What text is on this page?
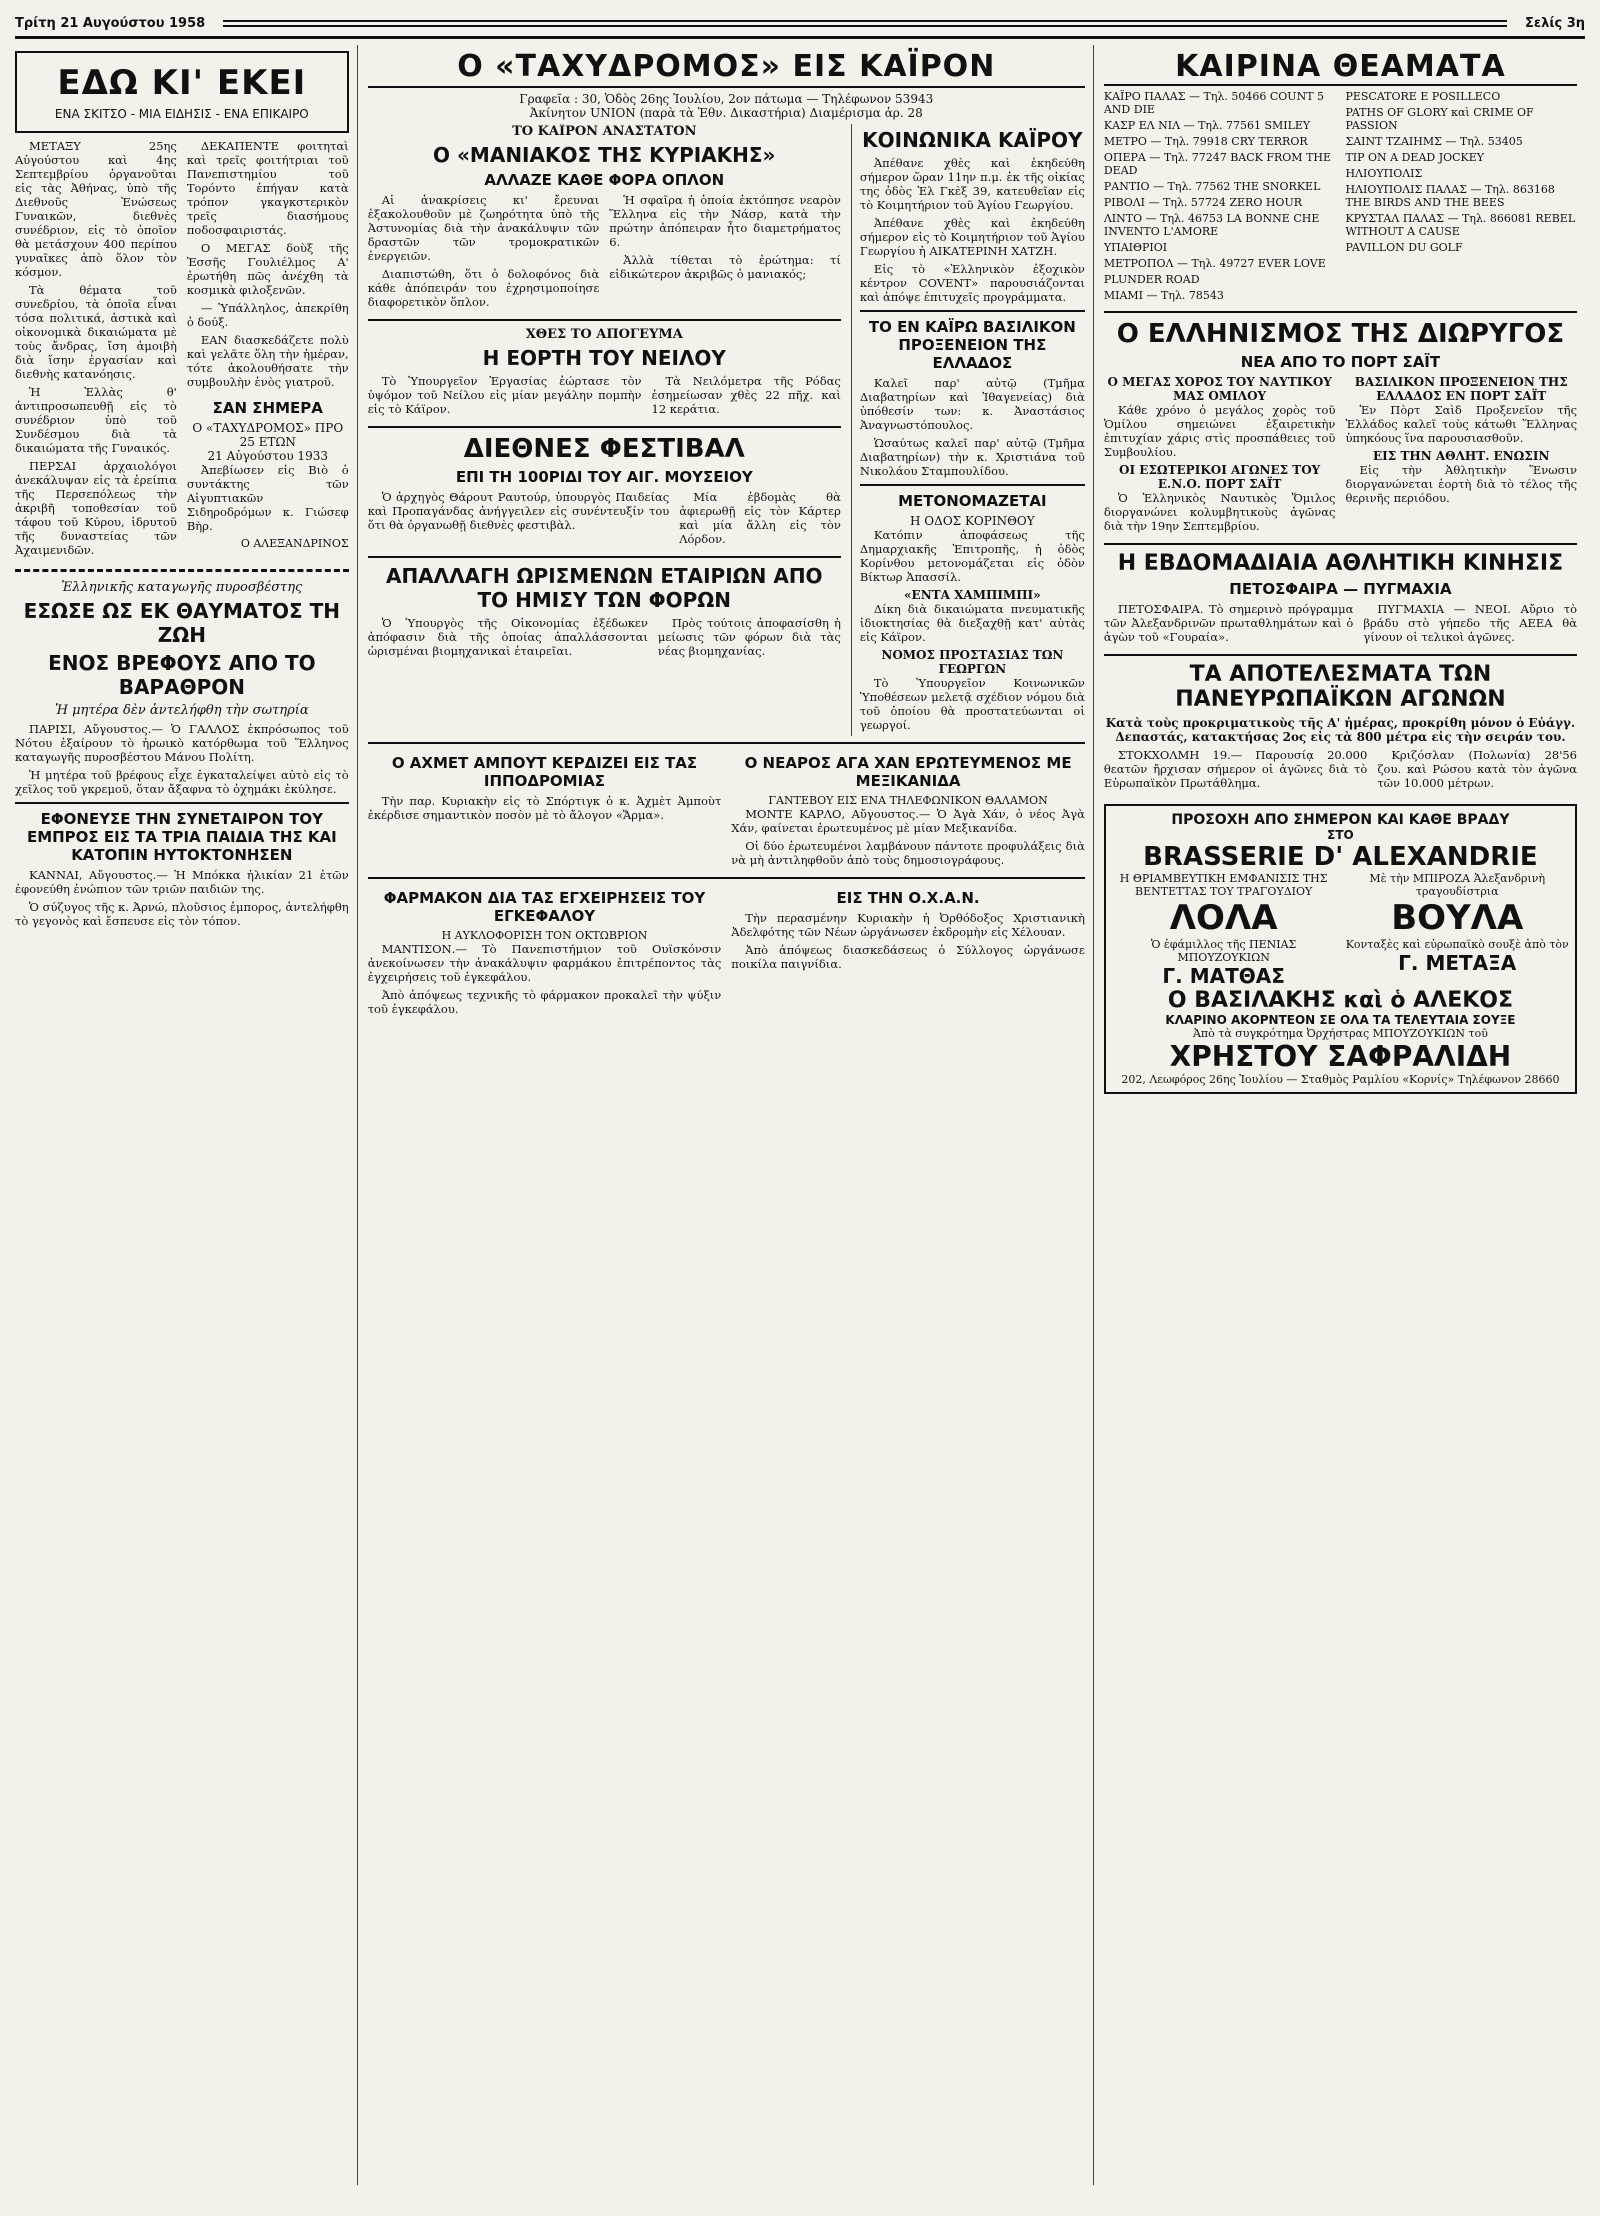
Τρίτη 21 Αυγούστου 1958	Σελίς 3η
ΕΔΩ ΚΙ' ΕΚΕΙ
ΕΝΑ ΣΚΙΤΣΟ - ΜΙΑ ΕΙΔΗΣΙΣ - ΕΝΑ ΕΠΙΚΑΙΡΟ

ΜΕΤΑΞΥ 25ης Αὐγούστου καὶ 4ης Σεπτεμβρίου ὀργανοῦται εἰς τὰς Ἀθήνας, ὑπὸ τῆς Διεθνοῦς Ἑνώσεως Γυναικῶν, διεθνὲς συνέδριον, εἰς τὸ ὁποῖον θὰ μετάσχουν 400 περίπου γυναῖκες ἀπὸ ὅλον τὸν κόσμον.

Τὰ θέματα τοῦ συνεδρίου, τὰ ὁποῖα εἶναι τόσα πολιτικά, ἀστικὰ καὶ οἰκονομικὰ δικαιώματα μὲ τοὺς ἄνδρας, ἴση ἀμοιβὴ διὰ ἴσην ἐργασίαν καὶ διεθνὴς κατανόησις.

Ἡ Ἑλλὰς θ' ἀντιπροσωπευθῇ εἰς τὸ συνέδριον ὑπὸ τοῦ Συνδέσμου διὰ τὰ δικαιώματα τῆς Γυναικός.

ΠΕΡΣΑΙ ἀρχαιολόγοι ἀνεκάλυψαν εἰς τὰ ἐρείπια τῆς Περσεπόλεως τὴν ἀκριβῆ τοποθεσίαν τοῦ τάφου τοῦ Κύρου, ἱδρυτοῦ τῆς δυναστείας τῶν Ἀχαιμενιδῶν.

ΔΕΚΑΠΕΝΤΕ φοιτηταὶ καὶ τρεῖς φοιτήτριαι τοῦ Πανεπιστημίου τοῦ Τορόντο ἐπήγαν κατὰ τρόπον γκαγκστερικὸν τρεῖς διασήμους ποδοσφαιριστάς.

Ο ΜΕΓΑΣ δοὺξ τῆς Ἐσσῆς Γουλιέλμος Α' ἐρωτήθη πῶς ἀνέχθη τὰ κοσμικὰ φιλοξενῶν.

— Ὑπάλληλος, ἀπεκρίθη ὁ δούξ.

ΕΑΝ διασκεδάζετε πολὺ καὶ γελᾶτε ὅλη τὴν ἡμέραν, τότε ἀκολουθήσατε τὴν συμβουλὴν ἑνὸς γιατροῦ.

ΣΑΝ ΣΗΜΕΡΑ
Ο «ΤΑΧΥΔΡΟΜΟΣ» ΠΡΟ 25 ΕΤΩΝ
21 Αὐγούστου 1933

Ἀπεβίωσεν εἰς Βιὸ ὁ συντάκτης τῶν Αἰγυπτιακῶν Σιδηροδρόμων κ. Γιώσεφ Βὴρ.

Ο ΑΛΕΞΑΝΔΡΙΝΟΣ
Ἑλληνικῆς καταγωγῆς πυροσβέστης
ΕΣΩΣΕ ΩΣ ΕΚ ΘΑΥΜΑΤΟΣ ΤΗ ΖΩΗ
ΕΝΟΣ ΒΡΕΦΟΥΣ ΑΠΟ ΤΟ ΒΑΡΑΘΡΟΝ
Ἡ μητέρα δὲν ἀντελήφθη τὴν σωτηρία

ΠΑΡΙΣΙ, Αὔγουστος.— Ὁ ΓΑΛΛΟΣ ἐκπρόσωπος τοῦ Νότου ἐξαίρουν τὸ ἡρωικὸ κατόρθωμα τοῦ Ἕλληνος καταγωγῆς πυροσβέστου Μάνου Πολίτη.

Ἡ μητέρα τοῦ βρέφους εἶχε ἐγκαταλείψει αὐτὸ εἰς τὸ χεῖλος τοῦ γκρεμοῦ, ὅταν ἄξαφνα τὸ ὀχημάκι ἐκύλησε.

ΕΦΟΝΕΥΣΕ ΤΗΝ ΣΥΝΕΤΑΙΡΟΝ ΤΟΥ ΕΜΠΡΟΣ ΕΙΣ ΤΑ ΤΡΙΑ ΠΑΙΔΙΑ ΤΗΣ ΚΑΙ ΚΑΤΟΠΙΝ ΗΥΤΟΚΤΟΝΗΣΕΝ

ΚΑΝΝΑΙ, Αὔγουστος.— Ἡ Μπόκκα ἠλικίαν 21 ἐτῶν ἐφονεύθη ἐνώπιον τῶν τριῶν παιδιῶν της.

Ὁ σύζυγος τῆς κ. Ἀρνώ, πλοῦσιος ἐμπορος, ἀντελήφθη τὸ γεγονὸς καὶ ἔσπευσε εἰς τὸν τόπον.

Ο «ΤΑΧΥΔΡΟΜΟΣ» ΕΙΣ ΚΑΪΡΟΝ
Γραφεῖα : 30, Ὁδὸς 26ης Ἰουλίου, 2ον πάτωμα — Τηλέφωνον 53943
Ἀκίνητον UNION (παρὰ τὰ Ἐθν. Δικαστήρια) Διαμέρισμα ἀρ. 28
ΤΟ ΚΑΪΡΟΝ ΑΝΑΣΤΑΤΟΝ
Ο «ΜΑΝΙΑΚΟΣ ΤΗΣ ΚΥΡΙΑΚΗΣ»
ΑΛΛΑΖΕ ΚΑΘΕ ΦΟΡΑ ΟΠΛΟΝ

Αἱ ἀνακρίσεις κι' ἔρευναι ἐξακολουθοῦν μὲ ζωηρότητα ὑπὸ τῆς Ἀστυνομίας διὰ τὴν ἀνακάλυψιν τῶν δραστῶν τῶν τρομοκρατικῶν ἐνεργειῶν.

Διαπιστώθη, ὅτι ὁ δολοφόνος διὰ κάθε ἀπόπειράν του ἐχρησιμοποίησε διαφορετικὸν ὅπλον.

Ἡ σφαῖρα ἡ ὁποία ἐκτόπησε νεαρὸν Ἕλληνα εἰς τὴν Νάσρ, κατὰ τὴν πρώτην ἀπόπειραν ἦτο διαμετρήματος 6.

Ἀλλὰ τίθεται τὸ ἐρώτημα: τί εἰδικώτερον ἀκριβῶς ὁ μανιακός;

ΧΘΕΣ ΤΟ ΑΠΟΓΕΥΜΑ
Η ΕΟΡΤΗ ΤΟΥ ΝΕΙΛΟΥ

Τὸ Ὑπουργεῖον Ἐργασίας ἑώρτασε τὸν ὑψόμον τοῦ Νείλου εἰς μίαν μεγάλην πομπὴν εἰς τὸ Κάϊρον.

Τὰ Νειλόμετρα τῆς Ρόδας ἐσημείωσαν χθὲς 22 πῆχ. καὶ 12 κεράτια.

ΔΙΕΘΝΕΣ ΦΕΣΤΙΒΑΛ
ΕΠΙ ΤΗ 100ΡΙΔΙ ΤΟΥ ΑΙΓ. ΜΟΥΣΕΙΟΥ

Ὁ ἀρχηγὸς Θάρουτ Ραυτούρ, ὑπουργὸς Παιδείας καὶ Προπαγάνδας ἀνήγγειλεν εἰς συνέντευξίν του ὅτι θὰ ὀργανωθῇ διεθνὲς φεστιβὰλ.

Μία ἑβδομὰς θὰ ἀφιερωθῇ εἰς τὸν Κάρτερ καὶ μία ἄλλη εἰς τὸν Λόρδον.

ΑΠΑΛΛΑΓΗ ΩΡΙΣΜΕΝΩΝ ΕΤΑΙΡΙΩΝ ΑΠΟ ΤΟ ΗΜΙΣΥ ΤΩΝ ΦΟΡΩΝ

Ὁ Ὑπουργὸς τῆς Οἰκονομίας ἐξέδωκεν ἀπόφασιν διὰ τῆς ὁποίας ἀπαλλάσσονται ὡρισμέναι βιομηχανικαὶ ἐταιρεῖαι.

Πρὸς τούτοις ἀποφασίσθη ἡ μείωσις τῶν φόρων διὰ τὰς νέας βιομηχανίας.

ΚΟΙΝΩΝΙΚΑ ΚΑΪΡΟΥ

Ἀπέθανε χθὲς καὶ ἐκηδεύθη σήμερον ὥραν 11ην π.μ. ἐκ τῆς οἰκίας της ὁδὸς Ἐλ Γκὲξ 39, κατευθεῖαν εἰς τὸ Κοιμητήριον τοῦ Ἁγίου Γεωργίου.

Ἀπέθανε χθὲς καὶ ἐκηδεύθη σήμερον εἰς τὸ Κοιμητήριον τοῦ Ἁγίου Γεωργίου ἡ ΑΙΚΑΤΕΡΙΝΗ ΧΑΤΖΗ.

Εἰς τὸ «Ἑλληνικὸν ἐξοχικὸν κέντρον COVENT» παρουσιάζονται καὶ ἀπόψε ἐπιτυχεῖς προγράμματα.

ΤΟ ΕΝ ΚΑΪΡΩ ΒΑΣΙΛΙΚΟΝ ΠΡΟΞΕΝΕΙΟΝ ΤΗΣ ΕΛΛΑΔΟΣ

Καλεῖ παρ' αὐτῷ (Τμῆμα Διαβατηρίων καὶ Ἰθαγενείας) διὰ ὑπόθεσίν των: κ. Ἀναστάσιος Ἀναγνωστόπουλος.

Ὡσαύτως καλεῖ παρ' αὐτῷ (Τμῆμα Διαβατηρίων) τὴν κ. Χριστιάνα τοῦ Νικολάου Σταμπουλίδου.

ΜΕΤΟΝΟΜΑΖΕΤΑΙ
Η ΟΔΟΣ ΚΟΡΙΝΘΟΥ

Κατόπιν ἀποφάσεως τῆς Δημαρχιακῆς Ἐπιτροπῆς, ἡ ὁδὸς Κορίνθου μετονομάζεται εἰς ὁδὸν Βίκτωρ Ἀπασσίλ.

«ΕΝΤΑ ΧΑΜΠΙΜΠΙ»

Δίκη διὰ δικαιώματα πνευματικῆς ἰδιοκτησίας θὰ διεξαχθῇ κατ' αὐτὰς εἰς Κάϊρον.

ΝΟΜΟΣ ΠΡΟΣΤΑΣΙΑΣ ΤΩΝ ΓΕΩΡΓΩΝ

Τὸ Ὑπουργεῖον Κοινωνικῶν Ὑποθέσεων μελετᾷ σχέδιον νόμου διὰ τοῦ ὁποίου θὰ προστατεύωνται οἱ γεωργοί.

Ο ΑΧΜΕΤ ΑΜΠΟΥΤ ΚΕΡΔΙΖΕΙ ΕΙΣ ΤΑΣ ΙΠΠΟΔΡΟΜΙΑΣ

Τὴν παρ. Κυριακὴν εἰς τὸ Σπόρτιγκ ὁ κ. Ἀχμὲτ Ἀμποὺτ ἐκέρδισε σημαντικὸν ποσὸν μὲ τὸ ἄλογον «Ἄρμα».

Ο ΝΕΑΡΟΣ ΑΓΑ ΧΑΝ ΕΡΩΤΕΥΜΕΝΟΣ ΜΕ ΜΕΞΙΚΑΝΙΔΑ
ΓΑΝΤΕΒΟΥ ΕΙΣ ΕΝΑ ΤΗΛΕΦΩΝΙΚΟΝ ΘΑΛΑΜΟΝ

ΜΟΝΤΕ ΚΑΡΛΟ, Αὔγουστος.— Ὁ Ἀγὰ Χάν, ὁ νέος Ἀγὰ Χάν, φαίνεται ἐρωτευμένος μὲ μίαν Μεξικανίδα.

Οἱ δύο ἐρωτευμένοι λαμβάνουν πάντοτε προφυλάξεις διὰ νὰ μὴ ἀντιληφθοῦν ἀπὸ τοὺς δημοσιογράφους.

ΦΑΡΜΑΚΟΝ ΔΙΑ ΤΑΣ ΕΓΧΕΙΡΗΣΕΙΣ ΤΟΥ ΕΓΚΕΦΑΛΟΥ
Η ΑΥΚΛΟΦΟΡΙΣΗ ΤΟΝ ΟΚΤΩΒΡΙΟΝ

ΜΑΝΤΙΣΟΝ.— Τὸ Πανεπιστήμιον τοῦ Ουϊσκόνσιν ἀνεκοίνωσεν τὴν ἀνακάλυψιν φαρμάκου ἐπιτρέποντος τὰς ἐγχειρήσεις τοῦ ἐγκεφάλου.

Ἀπὸ ἀπόψεως τεχνικῆς τὸ φάρμακον προκαλεῖ τὴν ψύξιν τοῦ ἐγκεφάλου.

ΕΙΣ ΤΗΝ Ο.Χ.Α.Ν.

Τὴν περασμένην Κυριακὴν ἡ Ὀρθόδοξος Χριστιανικὴ Ἀδελφότης τῶν Νέων ὠργάνωσεν ἐκδρομὴν εἰς Χέλουαν.

Ἀπὸ ἀπόψεως διασκεδάσεως ὁ Σύλλογος ὠργάνωσε ποικίλα παιγνίδια.

ΚΑΙΡΙΝΑ ΘΕΑΜΑΤΑ
ΚΑΪΡΟ ΠΑΛΑΣ — Τηλ. 50466 COUNT 5 AND DIE
ΚΑΣΡ ΕΛ ΝΙΛ — Τηλ. 77561 SMILEY
ΜΕΤΡΟ — Τηλ. 79918 CRY TERROR
ΟΠΕΡΑ — Τηλ. 77247 BACK FROM THE DEAD
ΡΑΝΤΙΟ — Τηλ. 77562 THE SNORKEL
ΡΙΒΟΛΙ — Τηλ. 57724 ZERO HOUR
ΛΙΝΤΟ — Τηλ. 46753 LA BONNE CHE INVENTO L'AMORE
ΥΠΑΙΘΡΙΟΙ
ΜΕΤΡΟΠΟΛ — Τηλ. 49727 EVER LOVE
PLUNDER ROAD
MIAMI — Τηλ. 78543
PESCATORE E POSILLECO
PATHS OF GLORY καὶ CRIME OF PASSION
ΣΑΙΝΤ ΤΖΑΙΗΜΣ — Τηλ. 53405
TIP ON A DEAD JOCKEY
ΗΛΙΟΥΠΟΛΙΣ
ΗΛΙΟΥΠΟΛΙΣ ΠΑΛΑΣ — Τηλ. 863168 THE BIRDS AND THE BEES
ΚΡΥΣΤΑΛ ΠΑΛΑΣ — Τηλ. 866081 REBEL WITHOUT A CAUSE
PAVILLON DU GOLF
Ο ΕΛΛΗΝΙΣΜΟΣ ΤΗΣ ΔΙΩΡΥΓΟΣ
ΝΕΑ ΑΠΟ ΤΟ ΠΟΡΤ ΣΑΪΤ
Ο ΜΕΓΑΣ ΧΟΡΟΣ ΤΟΥ ΝΑΥΤΙΚΟΥ ΜΑΣ ΟΜΙΛΟΥ

Κάθε χρόνο ὁ μεγάλος χορὸς τοῦ Ὁμίλου σημειώνει ἐξαιρετικὴν ἐπιτυχίαν χάρις στὶς προσπάθειες τοῦ Συμβουλίου.

ΟΙ ΕΣΩΤΕΡΙΚΟΙ ΑΓΩΝΕΣ ΤΟΥ Ε.Ν.Ο. ΠΟΡΤ ΣΑΪΤ

Ὁ Ἑλληνικὸς Ναυτικὸς Ὅμιλος διοργανώνει κολυμβητικοὺς ἀγῶνας διὰ τὴν 19ην Σεπτεμβρίου.

ΒΑΣΙΛΙΚΟΝ ΠΡΟΞΕΝΕΙΟΝ ΤΗΣ ΕΛΛΑΔΟΣ ΕΝ ΠΟΡΤ ΣΑΪΤ

Ἐν Πὸρτ Σαὶδ Προξενεῖον τῆς Ἑλλάδος καλεῖ τοὺς κάτωθι Ἕλληνας ὑπηκόους ἵνα παρουσιασθοῦν.

ΕΙΣ ΤΗΝ ΑΘΛΗΤ. ΕΝΩΣΙΝ

Εἰς τὴν Ἀθλητικὴν Ἕνωσιν διοργανώνεται ἑορτὴ διὰ τὸ τέλος τῆς θερινῆς περιόδου.

Η ΕΒΔΟΜΑΔΙΑΙΑ ΑΘΛΗΤΙΚΗ ΚΙΝΗΣΙΣ
ΠΕΤΟΣΦΑΙΡΑ — ΠΥΓΜΑΧΙΑ

ΠΕΤΟΣΦΑΙΡΑ. Τὸ σημερινὸ πρόγραμμα τῶν Ἀλεξανδρινῶν πρωταθλημάτων καὶ ὁ ἀγὼν τοῦ «Γουραία».

ΠΥΓΜΑΧΙΑ — ΝΕΟΙ. Αὔριο τὸ βράδυ στὸ γήπεδο τῆς ΑΕΕΑ θὰ γίνουν οἱ τελικοὶ ἀγῶνες.

ΤΑ ΑΠΟΤΕΛΕΣΜΑΤΑ ΤΩΝ ΠΑΝΕΥΡΩΠΑΪΚΩΝ ΑΓΩΝΩΝ
Κατὰ τοὺς προκριματικοὺς τῆς Α' ἡμέρας, προκρίθη μόνον ὁ Εὐάγγ. Δεπαστάς, κατακτήσας 2ος εἰς τὰ 800 μέτρα εἰς τὴν σειράν του.

ΣΤΟΚΧΟΛΜΗ 19.— Παρουσίᾳ 20.000 θεατῶν ἤρχισαν σήμερον οἱ ἀγῶνες διὰ τὸ Εὐρωπαϊκὸν Πρωτάθλημα.

Κριζόσλαν (Πολωνία) 28'56 ζου. καὶ Ρώσου κατὰ τὸν ἀγῶνα τῶν 10.000 μέτρων.

ΠΡΟΣΟΧΗ ΑΠΟ ΣΗΜΕΡΟΝ ΚΑΙ ΚΑΘΕ ΒΡΑΔΥ
ΣΤΟ
BRASSERIE D' ALEXANDRIE
Η ΘΡΙΑΜΒΕΥΤΙΚΗ ΕΜΦΑΝΙΣΙΣ ΤΗΣ ΒΕΝΤΕΤΤΑΣ ΤΟΥ ΤΡΑΓΟΥΔΙΟΥ
ΛΟΛΑ
Ὁ ἐφάμιλλος τῆς ΠΕΝΙΑΣ ΜΠΟΥΖΟΥΚΙΩΝ
Γ. ΜΑΤΘΑΣ
Μὲ τὴν ΜΠΙΡΟΖΑ Ἀλεξανδρινὴ τραγουδίστρια
ΒΟΥΛΑ
Κονταξὲς καὶ εὐρωπαϊκὸ σουξὲ ἀπὸ τὸν
Γ. ΜΕΤΑΞΑ
Ο ΒΑΣΙΛΑΚΗΣ καὶ ὁ ΑΛΕΚΟΣ
ΚΛΑΡΙΝΟ ΑΚΟΡΝΤΕΟΝ ΣΕ ΟΛΑ ΤΑ ΤΕΛΕΥΤΑΙΑ ΣΟΥΞΕ
Ἀπὸ τὰ συγκρότημα Ὀρχήστρας ΜΠΟΥΖΟΥΚΙΩΝ τοῦ
ΧΡΗΣΤΟΥ ΣΑΦΡΑΛΙΔΗ
202, Λεωφόρος 26ης Ἰουλίου — Σταθμὸς Ραμλίου «Κορνίς» Τηλέφωνον 28660
